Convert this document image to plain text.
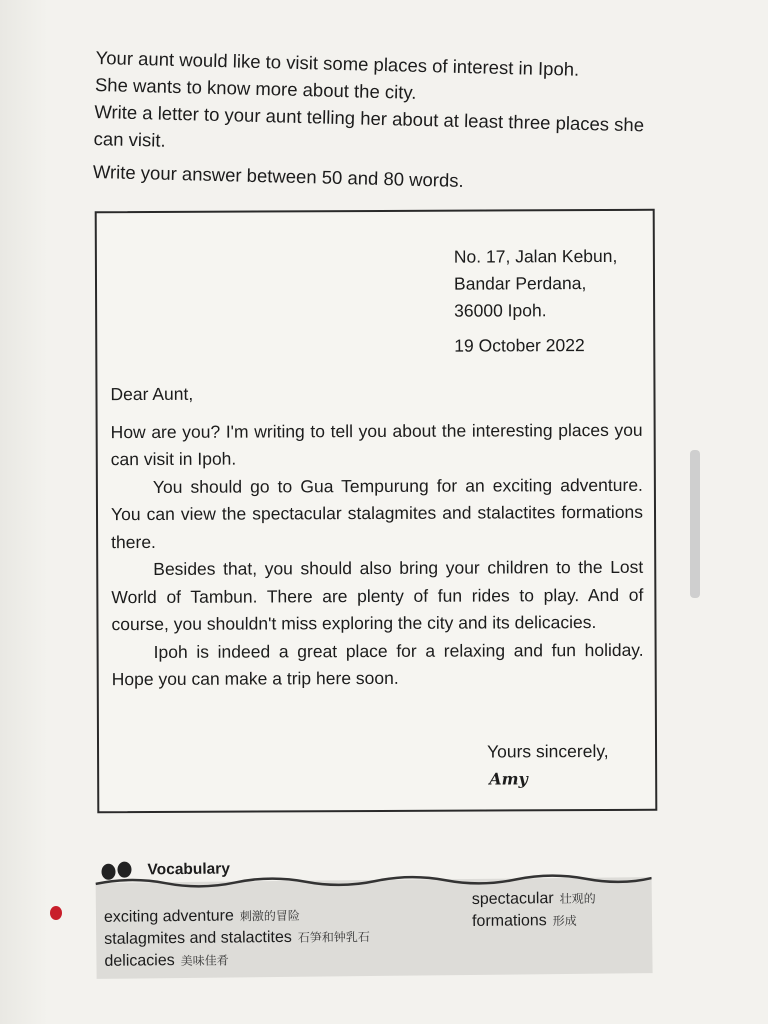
Your aunt would like to visit some places of interest in Ipoh.

She wants to know more about the city.

Write a letter to your aunt telling her about at least three places she can visit.

Write your answer between 50 and 80 words.

No. 17, Jalan Kebun,
Bandar Perdana,
36000 Ipoh.
19 October 2022

Dear Aunt,

How are you? I'm writing to tell you about the interesting places you can visit in Ipoh.

You should go to Gua Tempurung for an exciting adventure. You can view the spectacular stalagmites and stalactites formations there.

Besides that, you should also bring your children to the Lost World of Tambun. There are plenty of fun rides to play. And of course, you shouldn't miss exploring the city and its delicacies.

Ipoh is indeed a great place for a relaxing and fun holiday. Hope you can make a trip here soon.

Yours sincerely,
Amy
Vocabulary
exciting adventure 刺激的冒险
stalagmites and stalactites 石笋和钟乳石
delicacies 美味佳肴
spectacular 壮观的
formations 形成
